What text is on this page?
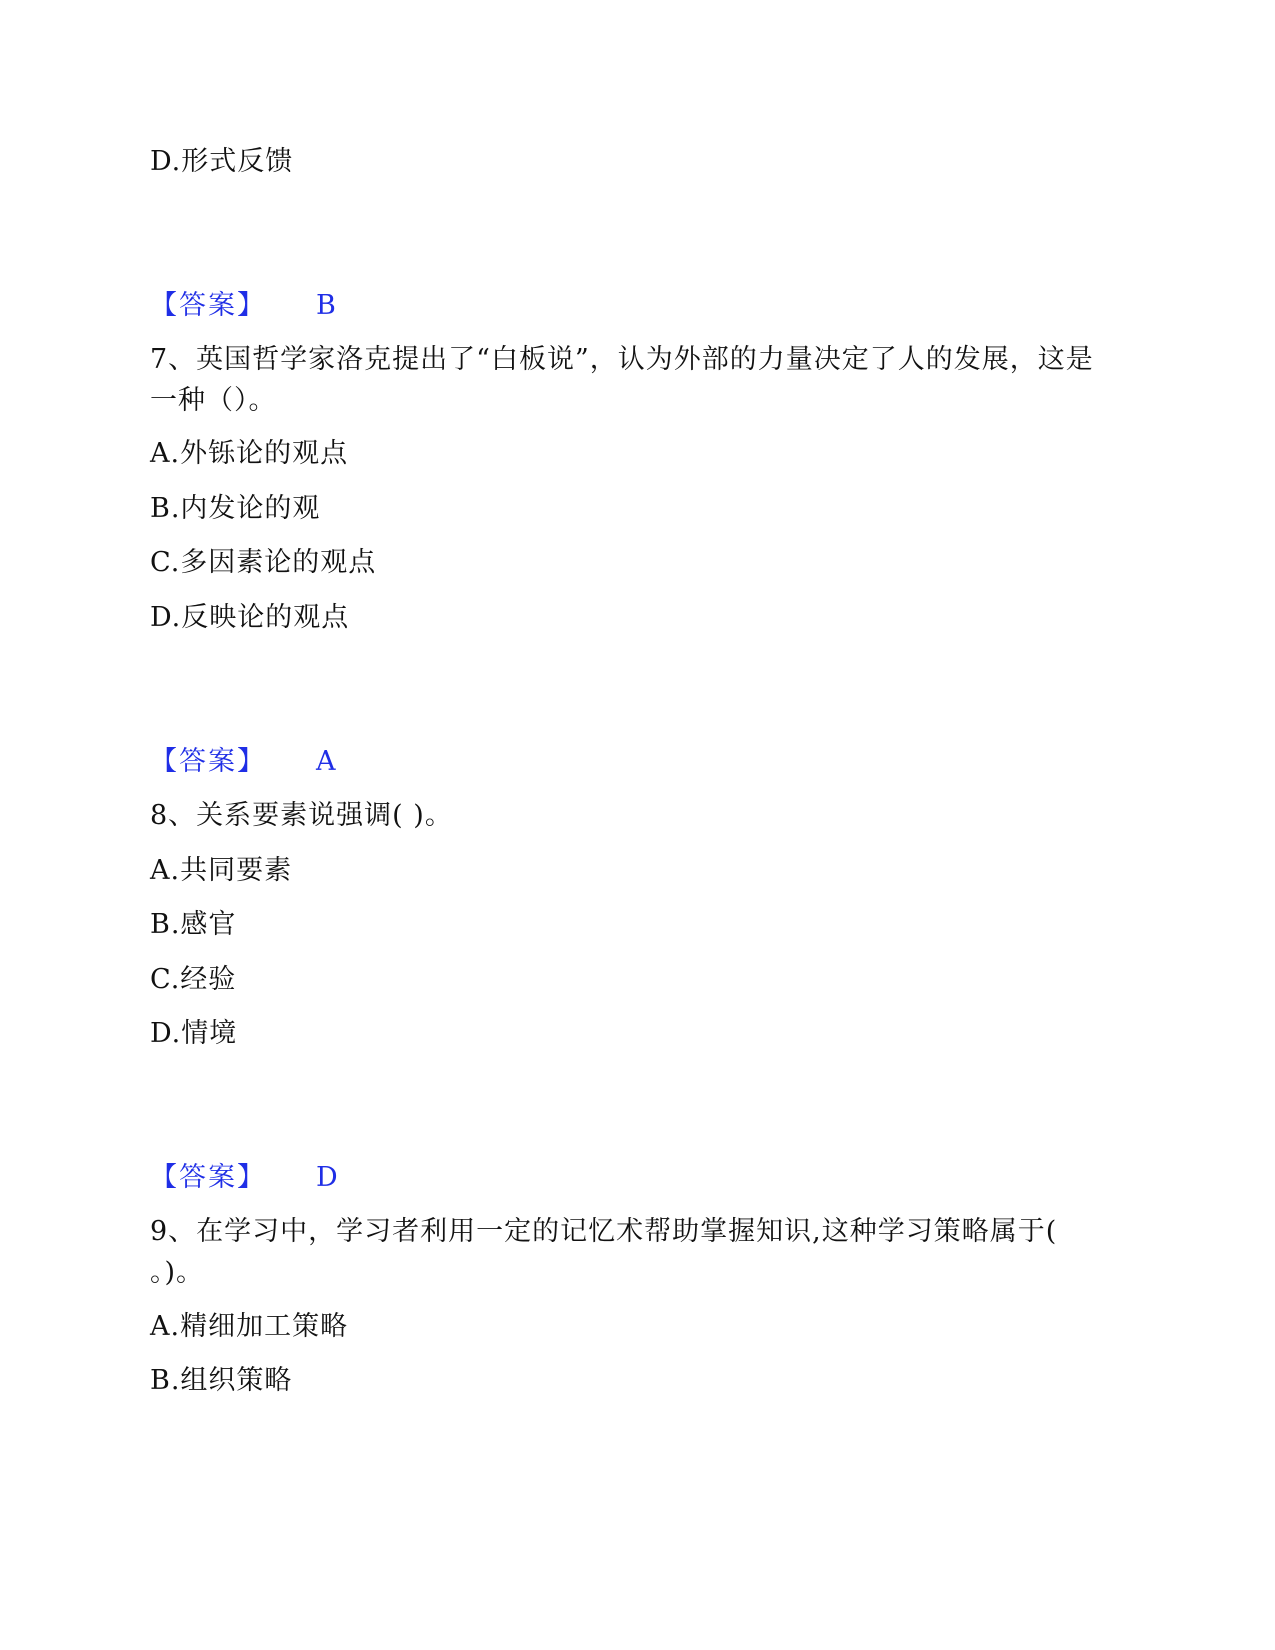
D.形式反馈
【答案】 B
7、英国哲学家洛克提出了“白板说”，认为外部的力量决定了人的发展，这是
一种（）。
A.外铄论的观点
B.内发论的观
C.多因素论的观点
D.反映论的观点
【答案】 A
8、关系要素说强调( )。
A.共同要素
B.感官
C.经验
D.情境
【答案】 D
9、在学习中，学习者利用一定的记忆术帮助掌握知识,这种学习策略属于(
。)。
A.精细加工策略
B.组织策略
